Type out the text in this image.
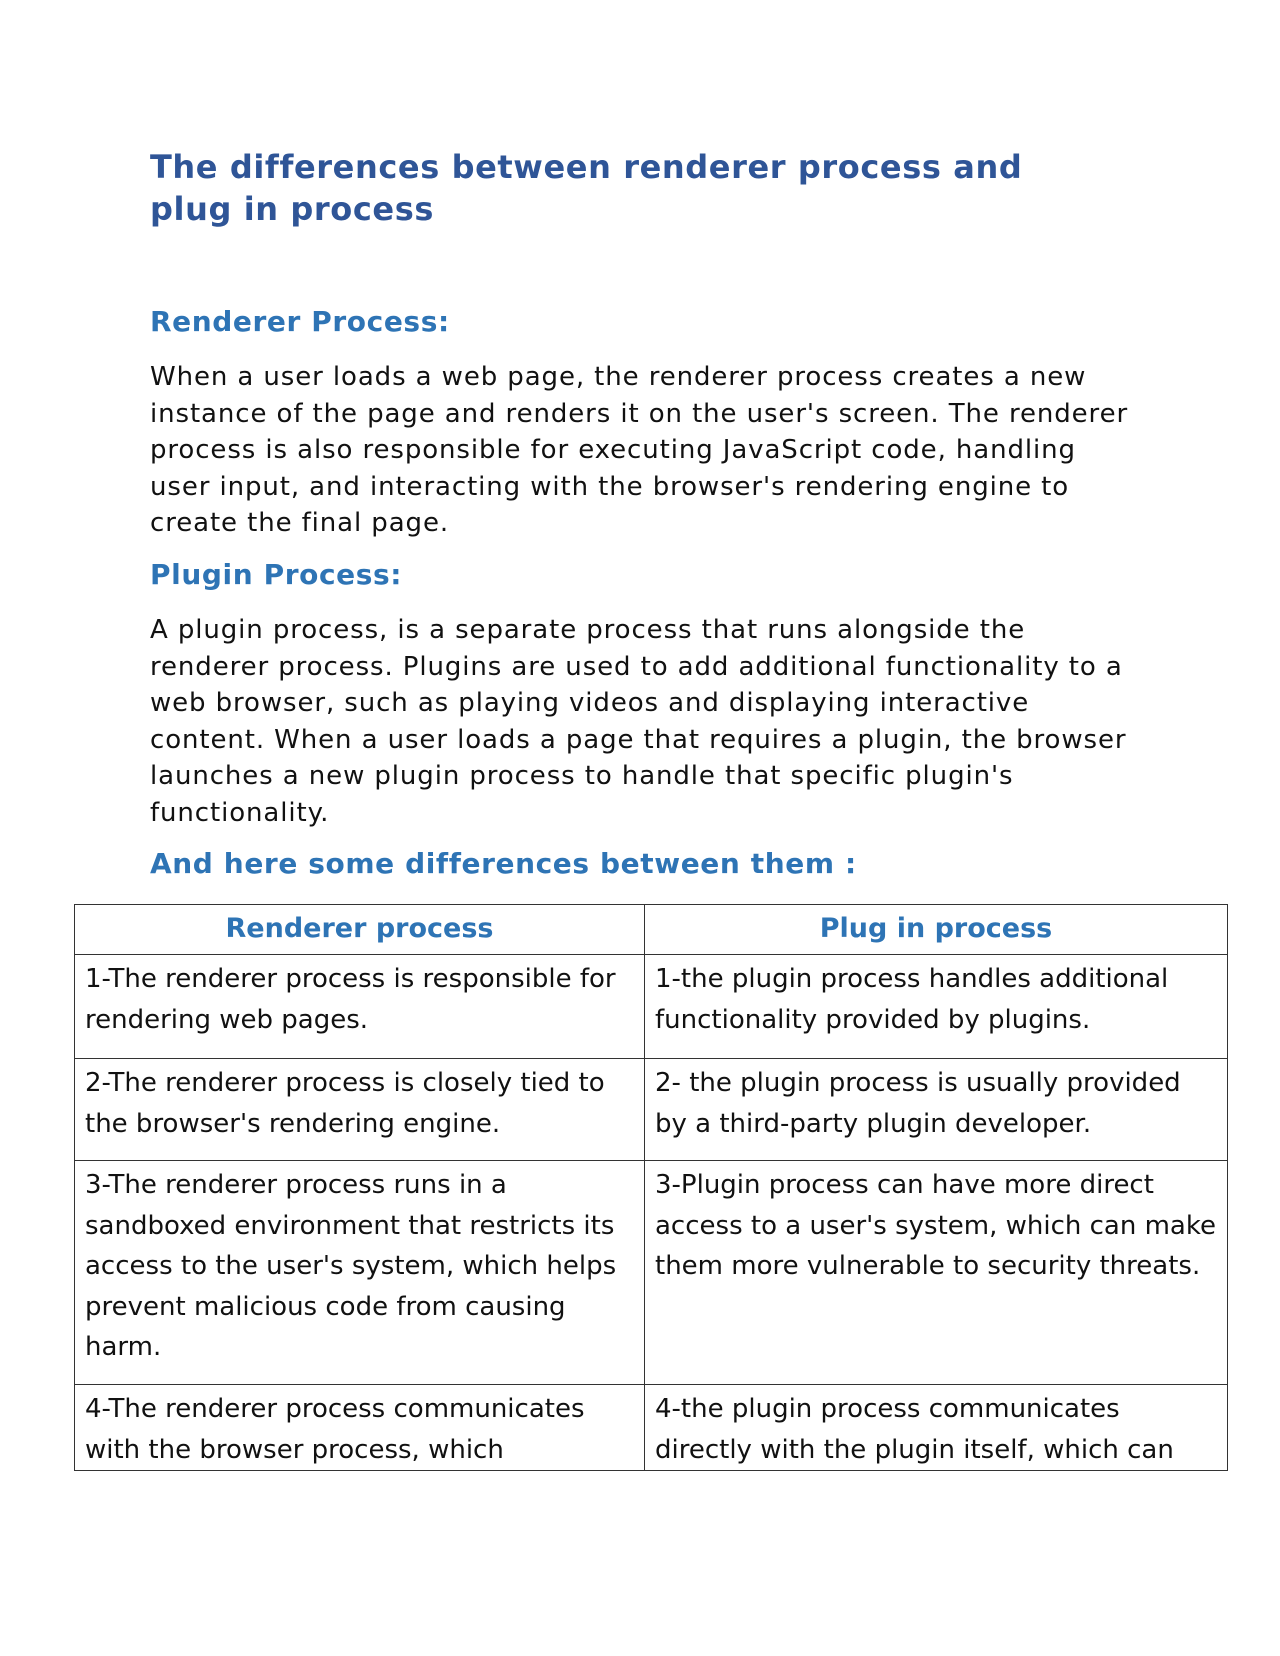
The differences between renderer process and plug in process
Renderer Process:

When a user loads a web page, the renderer process creates a new instance of the page and renders it on the user's screen. The renderer process is also responsible for executing JavaScript code, handling user input, and interacting with the browser's rendering engine to create the final page.

Plugin Process:

A plugin process, is a separate process that runs alongside the renderer process. Plugins are used to add additional functionality to a web browser, such as playing videos and displaying interactive content. When a user loads a page that requires a plugin, the browser launches a new plugin process to handle that specific plugin's functionality.

And here some differences between them :
Renderer process	Plug in process
1-The renderer process is responsible for rendering web pages.	1-the plugin process handles additional functionality provided by plugins.
2-The renderer process is closely tied to the browser's rendering engine.	2- the plugin process is usually provided by a third-party plugin developer.
3-The renderer process runs in a sandboxed environment that restricts its access to the user's system, which helps prevent malicious code from causing harm.	3-Plugin process can have more direct access to a user's system, which can make them more vulnerable to security threats.
4-The renderer process communicates with the browser process, which	4-the plugin process communicates directly with the plugin itself, which can
